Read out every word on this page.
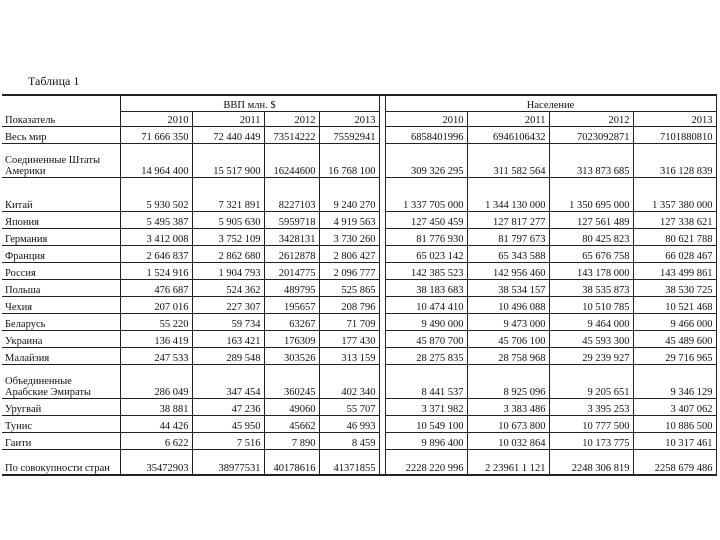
Таблица 1
Показатель	ВВП млн. $					Население			
	2010	2011	2012	2013		2010	2011	2012	2013
Весь мир	71 666 350	72 440 449	73514222	75592941		6858401996	6946106432	7023092871	7101880810
Соединенные Штаты Америки	14 964 400	15 517 900	16244600	16 768 100		309 326 295	311 582 564	313 873 685	316 128 839
Китай	5 930 502	7 321 891	8227103	9 240 270		1 337 705 000	1 344 130 000	1 350 695 000	1 357 380 000
Япония	5 495 387	5 905 630	5959718	4 919 563		127 450 459	127 817 277	127 561 489	127 338 621
Германия	3 412 008	3 752 109	3428131	3 730 260		81 776 930	81 797 673	80 425 823	80 621 788
Франция	2 646 837	2 862 680	2612878	2 806 427		65 023 142	65 343 588	65 676 758	66 028 467
Россия	1 524 916	1 904 793	2014775	2 096 777		142 385 523	142 956 460	143 178 000	143 499 861
Польша	476 687	524 362	489795	525 865		38 183 683	38 534 157	38 535 873	38 530 725
Чехия	207 016	227 307	195657	208 796		10 474 410	10 496 088	10 510 785	10 521 468
Беларусь	55 220	59 734	63267	71 709		9 490 000	9 473 000	9 464 000	9 466 000
Украина	136 419	163 421	176309	177 430		45 870 700	45 706 100	45 593 300	45 489 600
Малайзия	247 533	289 548	303526	313 159		28 275 835	28 758 968	29 239 927	29 716 965
Объединенные Арабские Эмираты	286 049	347 454	360245	402 340		8 441 537	8 925 096	9 205 651	9 346 129
Уругвай	38 881	47 236	49060	55 707		3 371 982	3 383 486	3 395 253	3 407 062
Тунис	44 426	45 950	45662	46 993		10 549 100	10 673 800	10 777 500	10 886 500
Гаити	6 622	7 516	7 890	8 459		9 896 400	10 032 864	10 173 775	10 317 461
По совокупности стран	35472903	38977531	40178616	41371855		2228 220 996	2 23961 1 121	2248 306 819	2258 679 486
